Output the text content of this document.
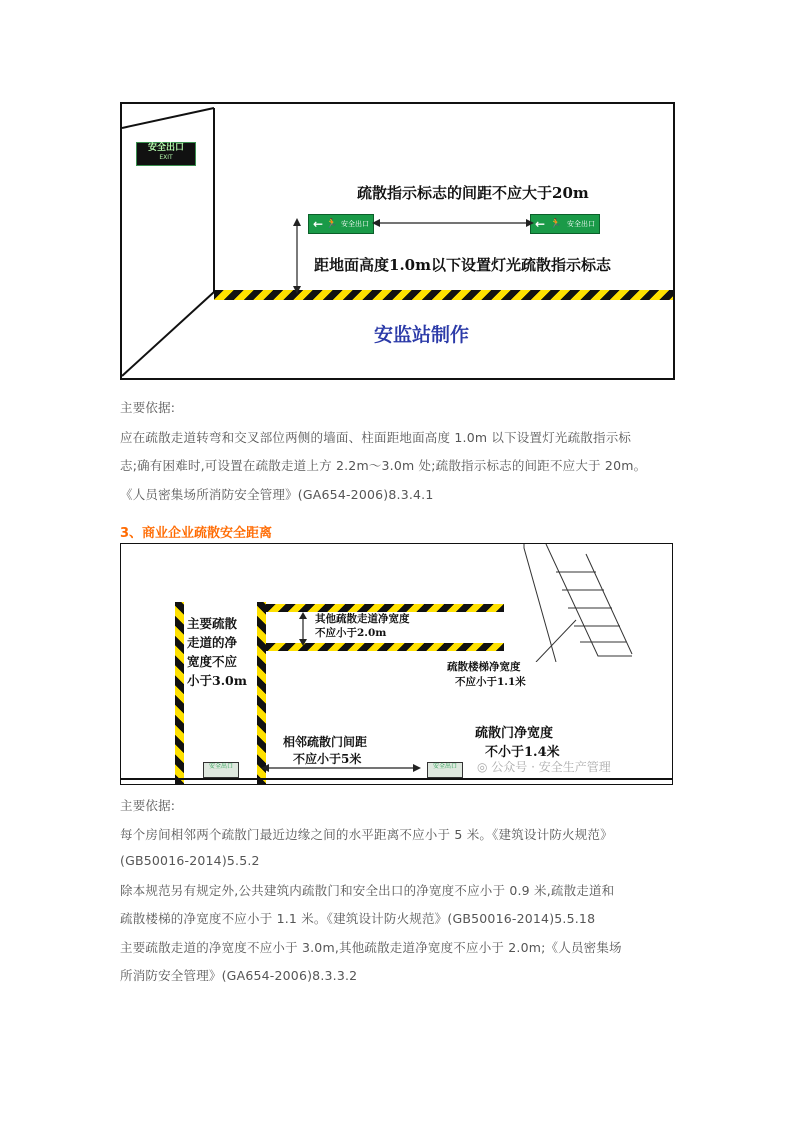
安全出口
EXIT
疏散指示标志的间距不应大于20m
← 🏃 安全出口	← 🏃 安全出口
距地面高度1.0m以下设置灯光疏散指示标志
安监站制作
主要依据:
应在疏散走道转弯和交叉部位两侧的墙面、柱面距地面高度 1.0m 以下设置灯光疏散指示标
志;确有困难时,可设置在疏散走道上方 2.2m～3.0m 处;疏散指示标志的间距不应大于 20m。
《人员密集场所消防安全管理》(GA654-2006)8.3.4.1
3、商业企业疏散安全距离
主要疏散
走道的净
宽度不应
小于3.0m
其他疏散走道净宽度
不应小于2.0m
疏散楼梯净宽度
不应小于1.1米
相邻疏散门间距
不应小于5米
疏散门净宽度
不小于1.4米
安全出口	安全出口	◎ 公众号 · 安全生产管理
主要依据:
每个房间相邻两个疏散门最近边缘之间的水平距离不应小于 5 米。《建筑设计防火规范》
(GB50016-2014)5.5.2
除本规范另有规定外,公共建筑内疏散门和安全出口的净宽度不应小于 0.9 米,疏散走道和
疏散楼梯的净宽度不应小于 1.1 米。《建筑设计防火规范》(GB50016-2014)5.5.18
主要疏散走道的净宽度不应小于 3.0m,其他疏散走道净宽度不应小于 2.0m;《人员密集场
所消防安全管理》(GA654-2006)8.3.3.2
